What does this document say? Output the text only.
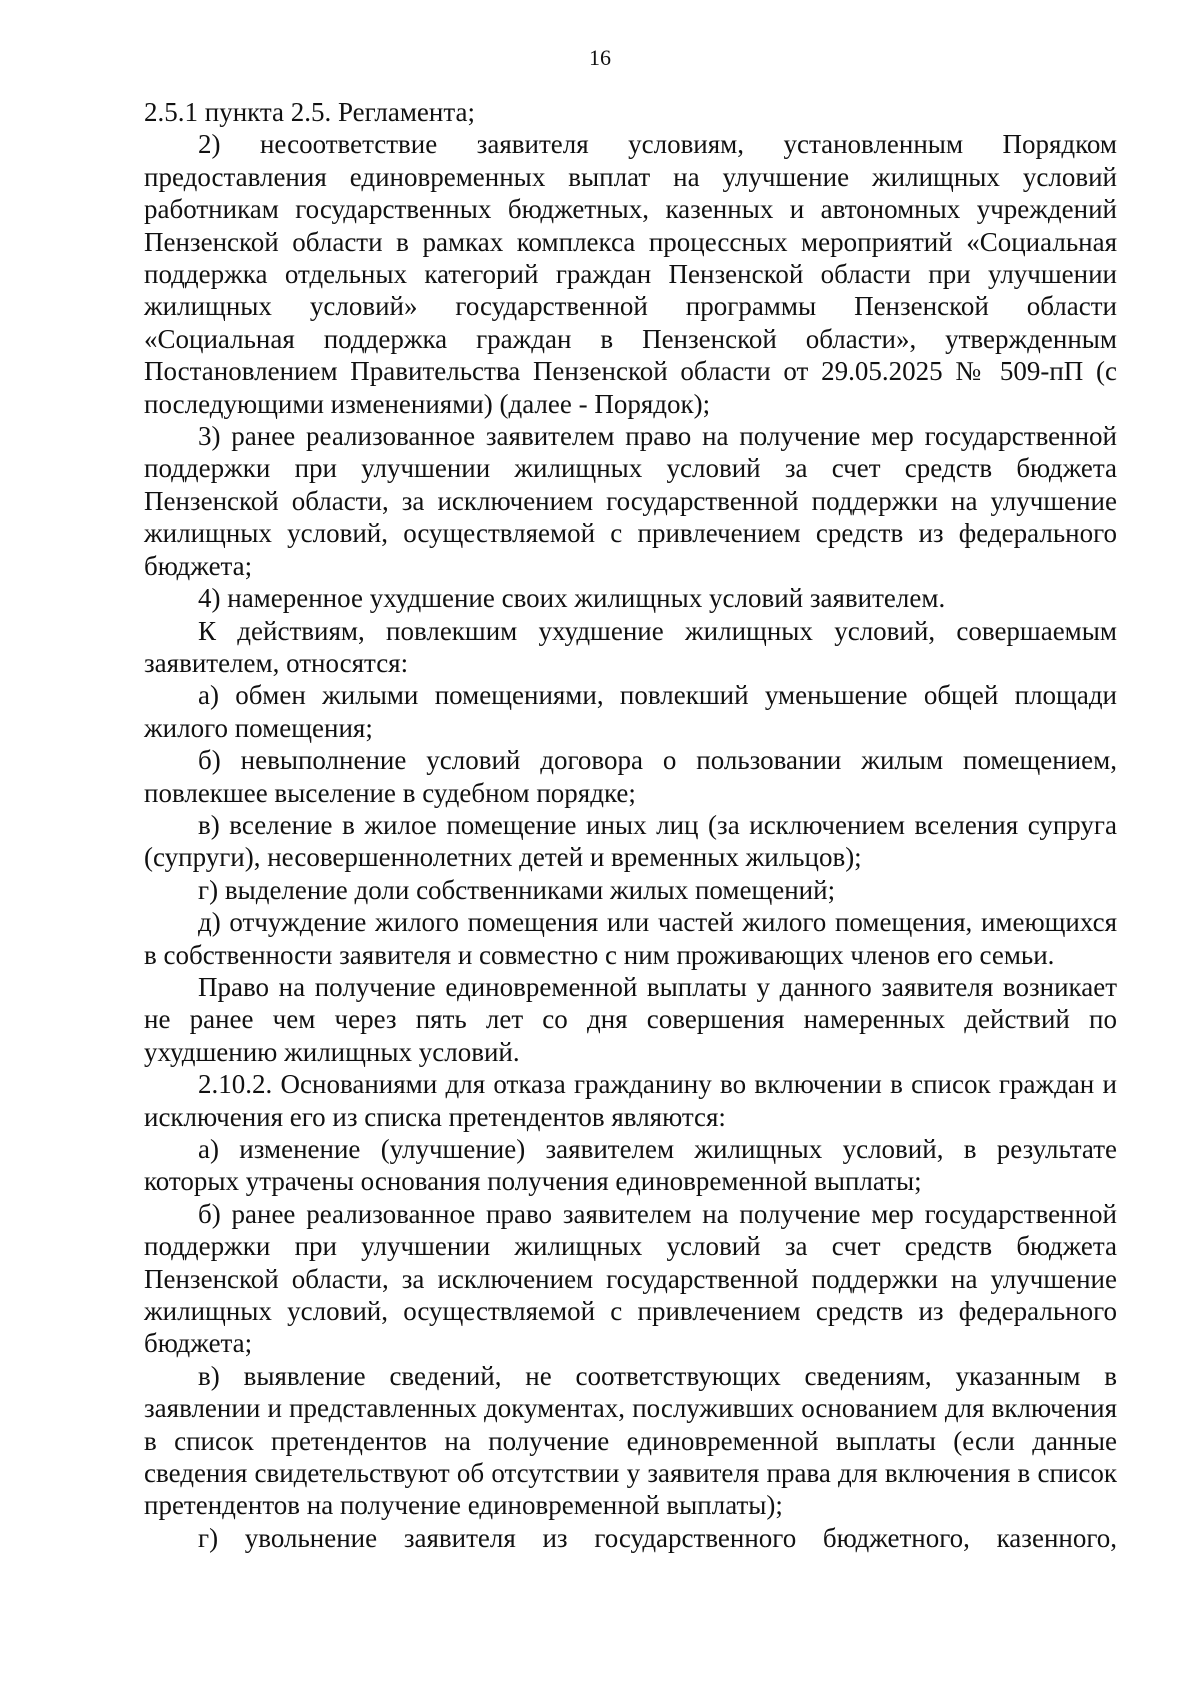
16

2.5.1 пункта 2.5. Регламента;

2) несоответствие заявителя условиям, установленным Порядком предоставления единовременных выплат на улучшение жилищных условий работникам государственных бюджетных, казенных и автономных учреждений Пензенской области в рамках комплекса процессных мероприятий «Социальная поддержка отдельных категорий граждан Пензенской области при улучшении жилищных условий» государственной программы Пензенской области «Социальная поддержка граждан в Пензенской области», утвержденным Постановлением Правительства Пензенской области от 29.05.2025 № 509-пП (с последующими изменениями) (далее - Порядок);

3) ранее реализованное заявителем право на получение мер государственной поддержки при улучшении жилищных условий за счет средств бюджета Пензенской области, за исключением государственной поддержки на улучшение жилищных условий, осуществляемой с привлечением средств из федерального бюджета;

4) намеренное ухудшение своих жилищных условий заявителем.

К действиям, повлекшим ухудшение жилищных условий, совершаемым заявителем, относятся:

а) обмен жилыми помещениями, повлекший уменьшение общей площади жилого помещения;

б) невыполнение условий договора о пользовании жилым помещением, повлекшее выселение в судебном порядке;

в) вселение в жилое помещение иных лиц (за исключением вселения супруга (супруги), несовершеннолетних детей и временных жильцов);

г) выделение доли собственниками жилых помещений;

д) отчуждение жилого помещения или частей жилого помещения, имеющихся в собственности заявителя и совместно с ним проживающих членов его семьи.

Право на получение единовременной выплаты у данного заявителя возникает не ранее чем через пять лет со дня совершения намеренных действий по ухудшению жилищных условий.

2.10.2. Основаниями для отказа гражданину во включении в список граждан и исключения его из списка претендентов являются:

а) изменение (улучшение) заявителем жилищных условий, в результате которых утрачены основания получения единовременной выплаты;

б) ранее реализованное право заявителем на получение мер государственной поддержки при улучшении жилищных условий за счет средств бюджета Пензенской области, за исключением государственной поддержки на улучшение жилищных условий, осуществляемой с привлечением средств из федерального бюджета;

в) выявление сведений, не соответствующих сведениям, указанным в заявлении и представленных документах, послуживших основанием для включения в список претендентов на получение единовременной выплаты (если данные сведения свидетельствуют об отсутствии у заявителя права для включения в список претендентов на получение единовременной выплаты);

г) увольнение заявителя из государственного бюджетного, казенного,
